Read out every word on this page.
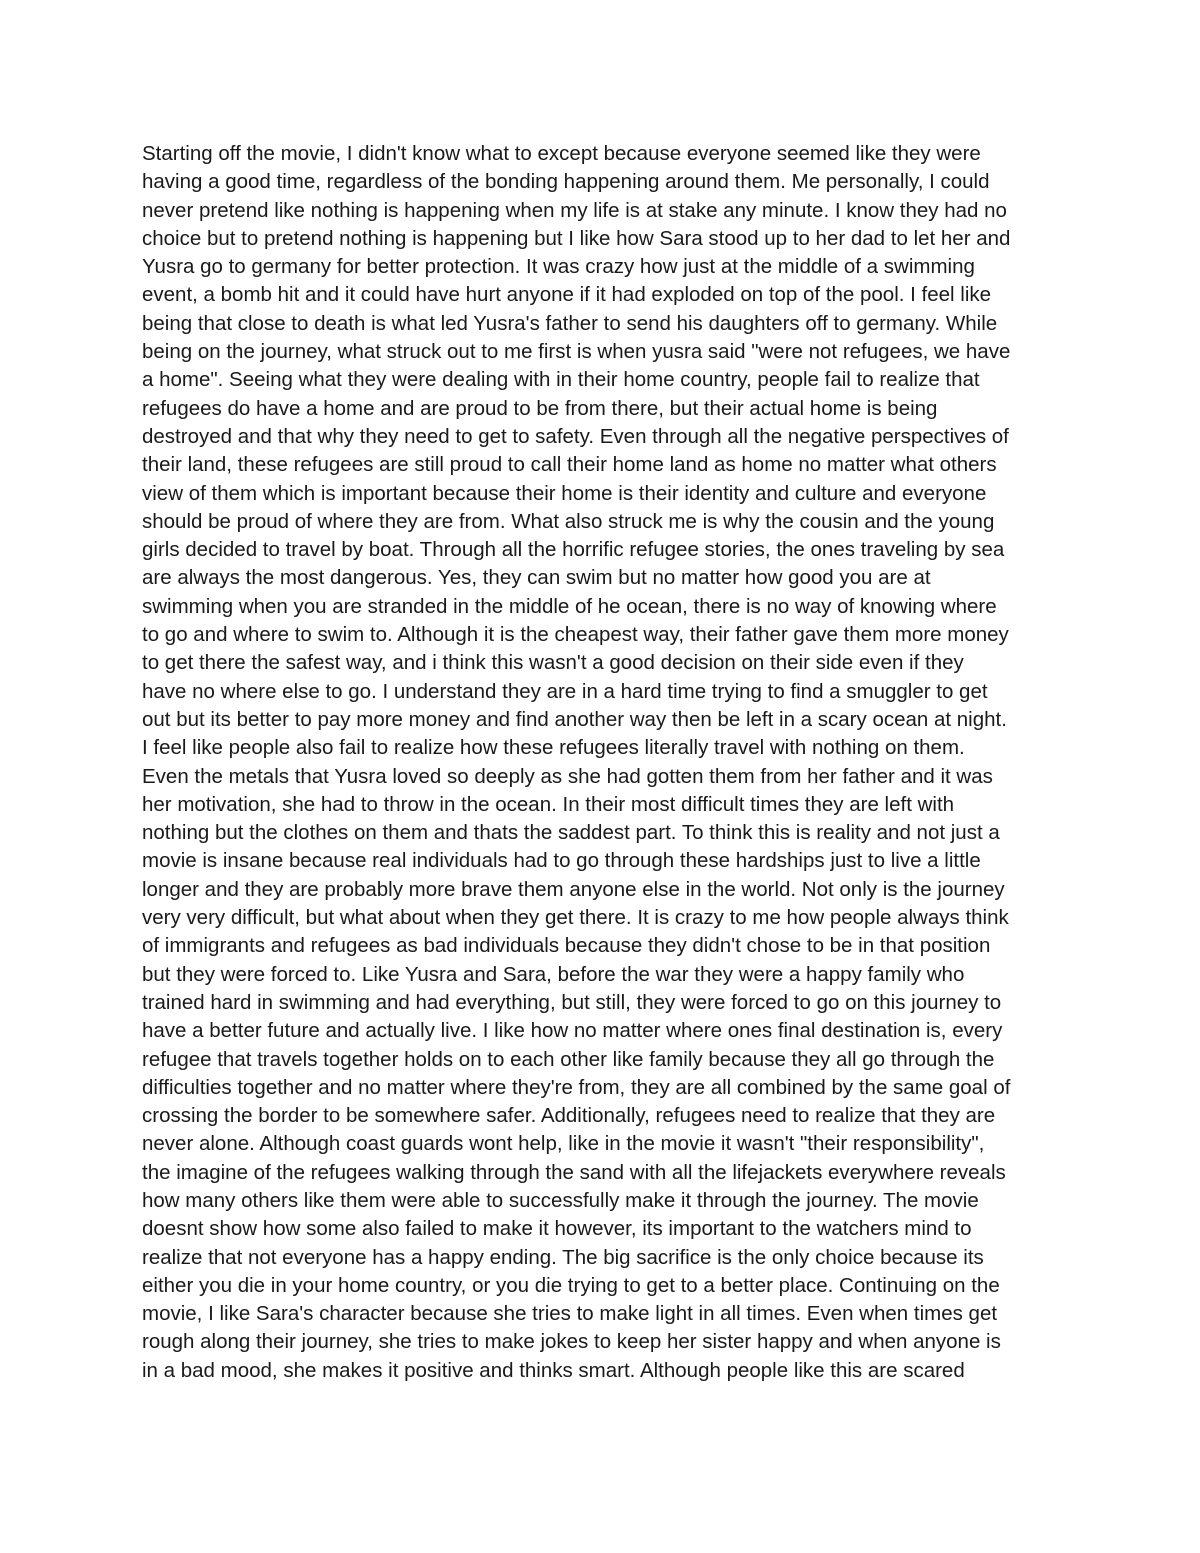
Starting off the movie, I didn't know what to except because everyone seemed like they were
having a good time, regardless of the bonding happening around them. Me personally, I could
never pretend like nothing is happening when my life is at stake any minute. I know they had no
choice but to pretend nothing is happening but I like how Sara stood up to her dad to let her and
Yusra go to germany for better protection. It was crazy how just at the middle of a swimming
event, a bomb hit and it could have hurt anyone if it had exploded on top of the pool. I feel like
being that close to death is what led Yusra's father to send his daughters off to germany. While
being on the journey, what struck out to me first is when yusra said "were not refugees, we have
a home". Seeing what they were dealing with in their home country, people fail to realize that
refugees do have a home and are proud to be from there, but their actual home is being
destroyed and that why they need to get to safety. Even through all the negative perspectives of
their land, these refugees are still proud to call their home land as home no matter what others
view of them which is important because their home is their identity and culture and everyone
should be proud of where they are from. What also struck me is why the cousin and the young
girls decided to travel by boat. Through all the horrific refugee stories, the ones traveling by sea
are always the most dangerous. Yes, they can swim but no matter how good you are at
swimming when you are stranded in the middle of he ocean, there is no way of knowing where
to go and where to swim to. Although it is the cheapest way, their father gave them more money
to get there the safest way, and i think this wasn't a good decision on their side even if they
have no where else to go. I understand they are in a hard time trying to find a smuggler to get
out but its better to pay more money and find another way then be left in a scary ocean at night.
I feel like people also fail to realize how these refugees literally travel with nothing on them.
Even the metals that Yusra loved so deeply as she had gotten them from her father and it was
her motivation, she had to throw in the ocean. In their most difficult times they are left with
nothing but the clothes on them and thats the saddest part. To think this is reality and not just a
movie is insane because real individuals had to go through these hardships just to live a little
longer and they are probably more brave them anyone else in the world. Not only is the journey
very very difficult, but what about when they get there. It is crazy to me how people always think
of immigrants and refugees as bad individuals because they didn't chose to be in that position
but they were forced to. Like Yusra and Sara, before the war they were a happy family who
trained hard in swimming and had everything, but still, they were forced to go on this journey to
have a better future and actually live. I like how no matter where ones final destination is, every
refugee that travels together holds on to each other like family because they all go through the
difficulties together and no matter where they're from, they are all combined by the same goal of
crossing the border to be somewhere safer. Additionally, refugees need to realize that they are
never alone. Although coast guards wont help, like in the movie it wasn't "their responsibility",
the imagine of the refugees walking through the sand with all the lifejackets everywhere reveals
how many others like them were able to successfully make it through the journey. The movie
doesnt show how some also failed to make it however, its important to the watchers mind to
realize that not everyone has a happy ending. The big sacrifice is the only choice because its
either you die in your home country, or you die trying to get to a better place. Continuing on the
movie, I like Sara's character because she tries to make light in all times. Even when times get
rough along their journey, she tries to make jokes to keep her sister happy and when anyone is
in a bad mood, she makes it positive and thinks smart. Although people like this are scared
